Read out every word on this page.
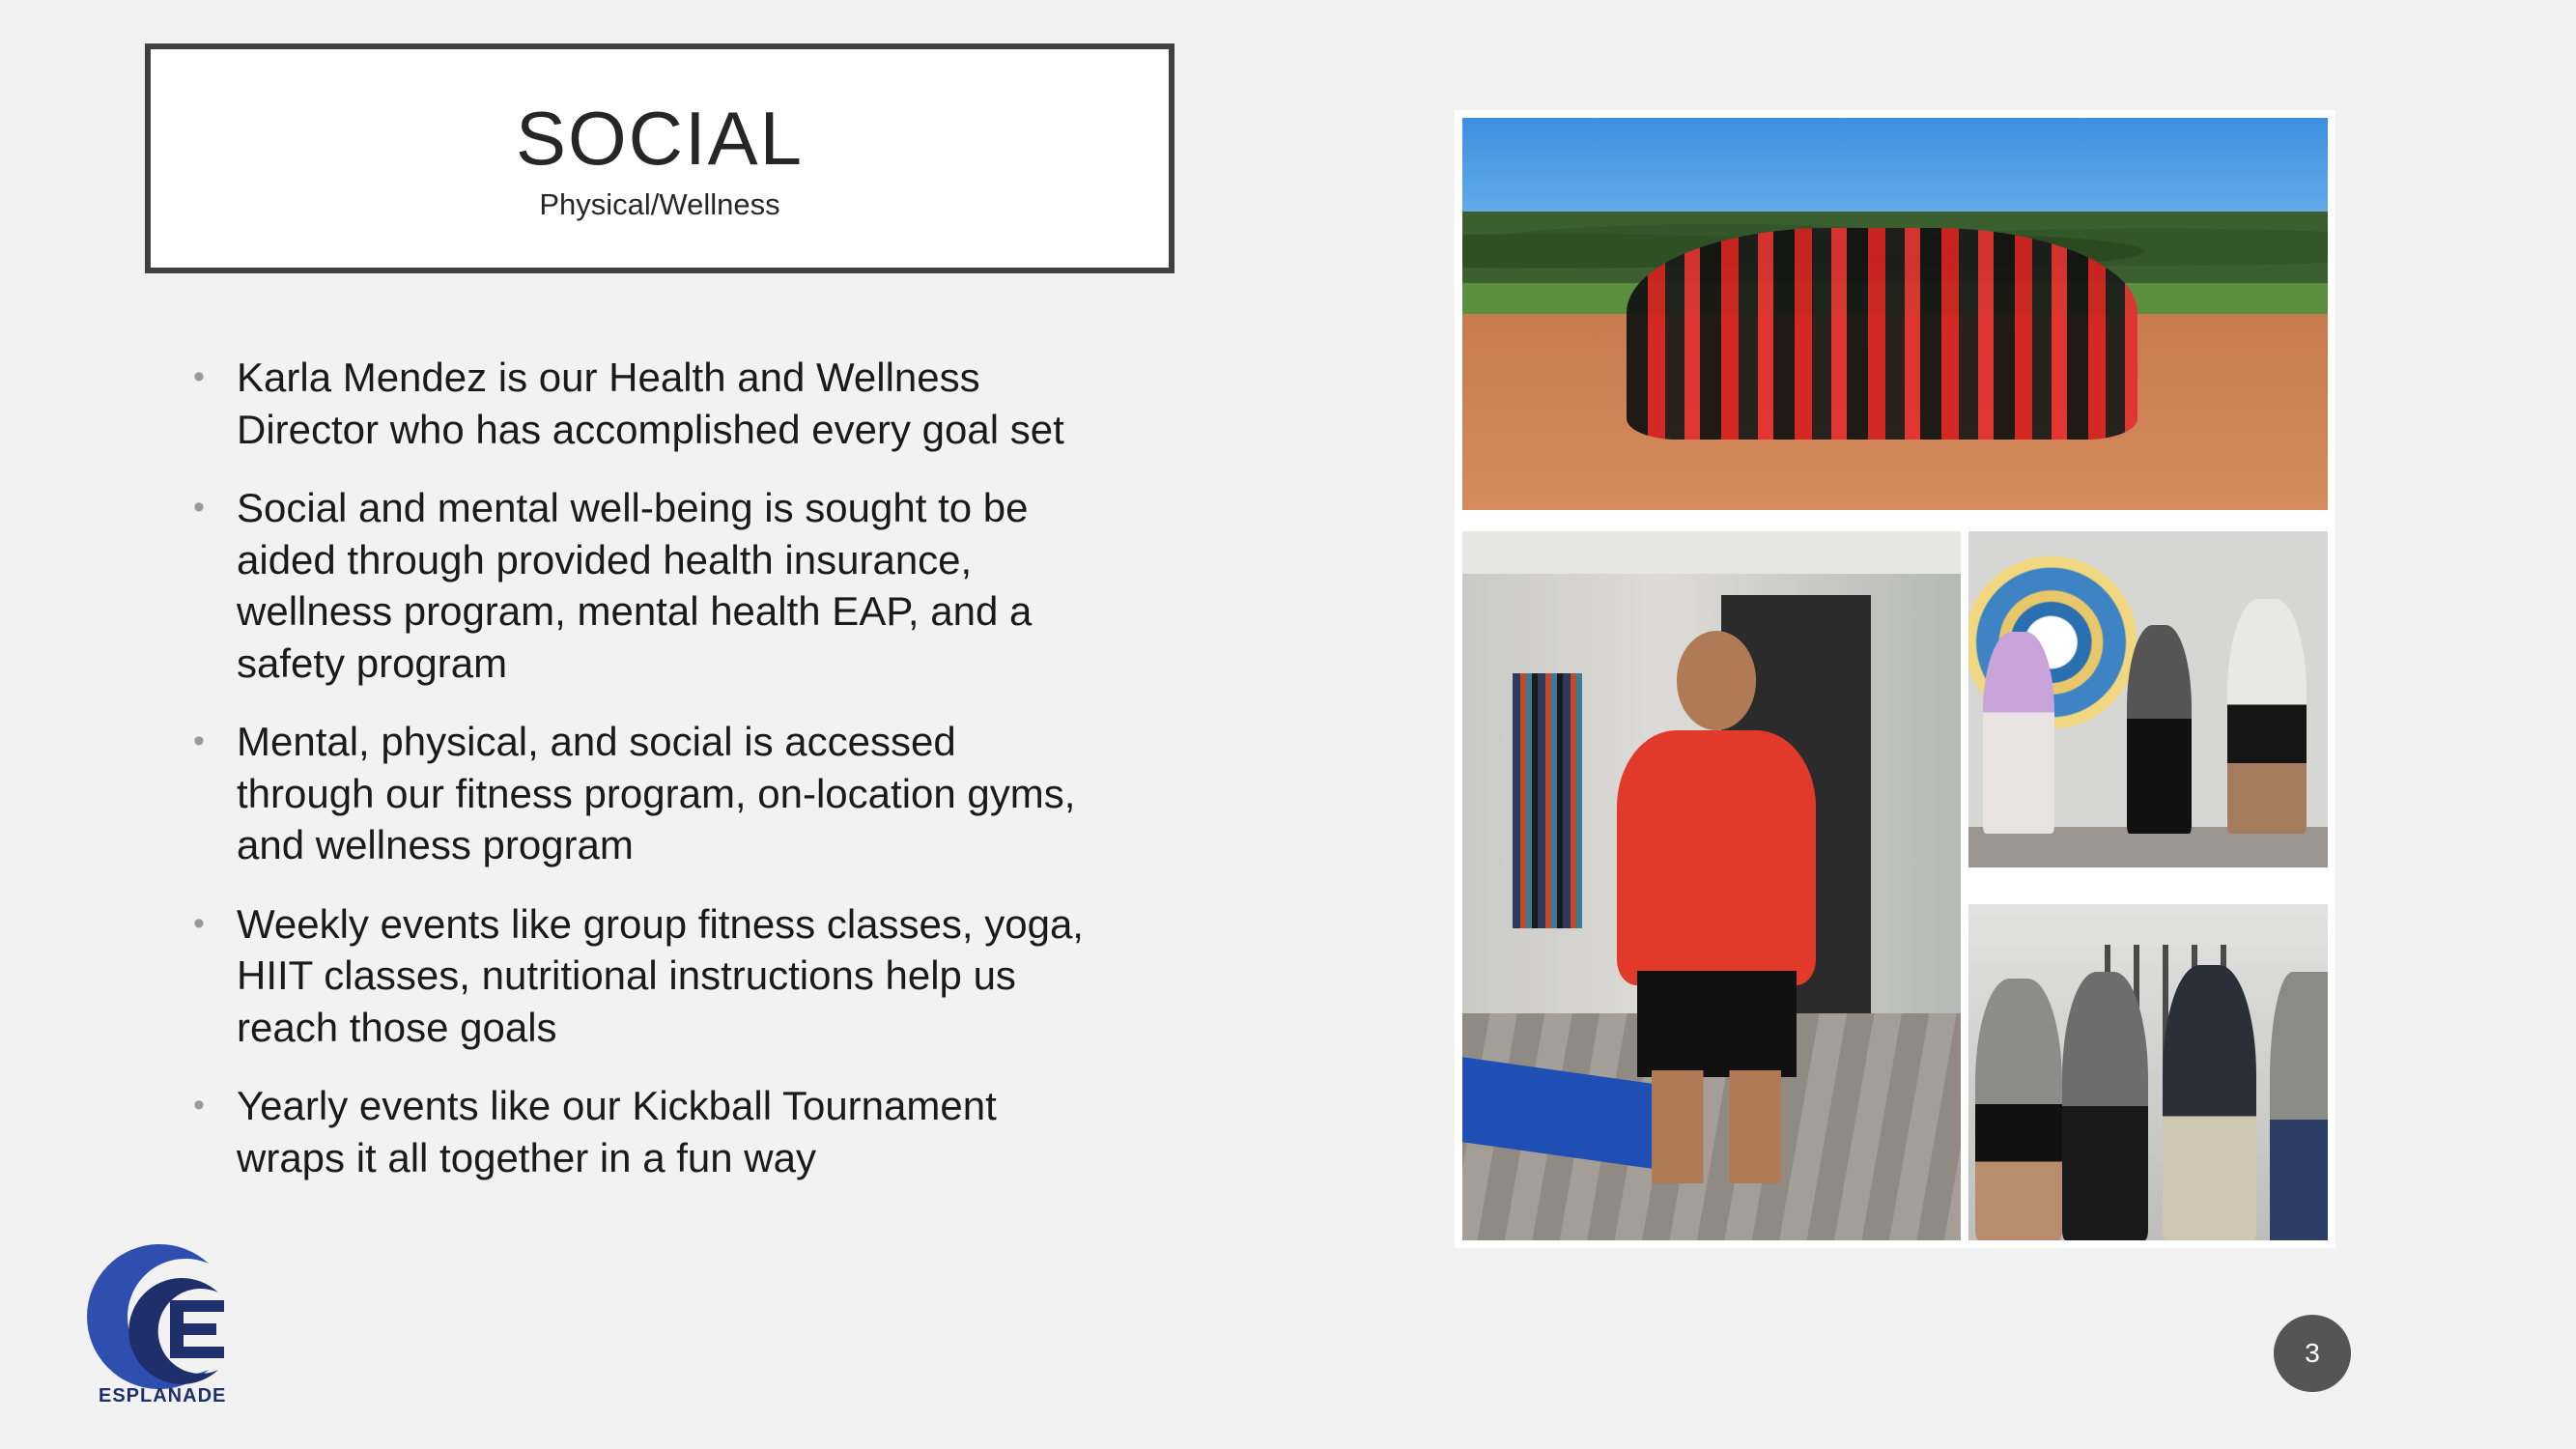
SOCIAL
Physical/Wellness
• Karla Mendez is our Health and Wellness Director who has accomplished every goal set
• Social and mental well-being is sought to be aided through provided health insurance, wellness program, mental health EAP, and a safety program
• Mental, physical, and social is accessed through our fitness program, on-location gyms, and wellness program
• Weekly events like group fitness classes, yoga, HIIT classes, nutritional instructions help us reach those goals
• Yearly events like our Kickball Tournament wraps it all together in a fun way
ESPLANADE
3
